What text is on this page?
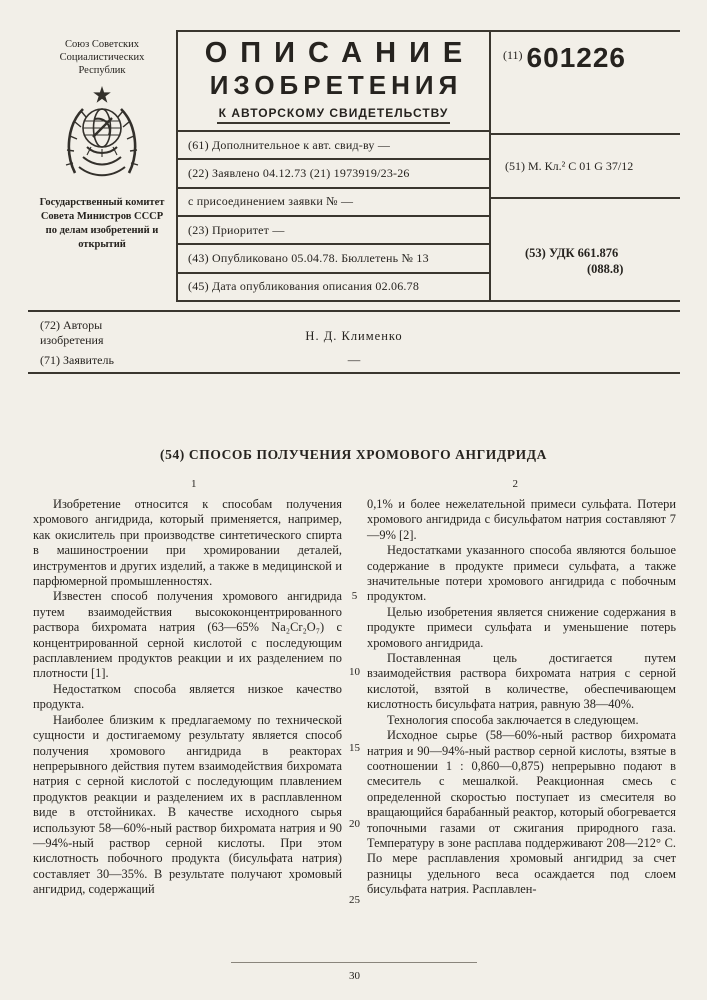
Союз Советских Социалистических Республик
Государственный комитет Совета Министров СССР по делам изобретений и открытий
ОПИСАНИЕ
ИЗОБРЕТЕНИЯ
К АВТОРСКОМУ СВИДЕТЕЛЬСТВУ
(61) Дополнительное к авт. свид-ву —
(22) Заявлено 04.12.73 (21) 1973919/23-26
с присоединением заявки № —
(23) Приоритет —
(43) Опубликовано 05.04.78. Бюллетень № 13
(45) Дата опубликования описания 02.06.78
$^{(11)}$ 601226
(51) М. Кл.² С 01 G 37/12
(53) УДК 661.876
(088.8)
(72) Авторы изобретения	Н. Д. Клименко
(71) Заявитель	—
(54) СПОСОБ ПОЛУЧЕНИЯ ХРОМОВОГО АНГИДРИДА
1	2

Изобретение относится к способам получения хромового ангидрида, который применяется, например, как окислитель при производстве синтетического спирта в машиностроении при хромировании деталей, инструментов и других изделий, а также в медицинской и парфюмерной промышленностях.

Известен способ получения хромового ангидрида путем взаимодействия высококонцентрированного раствора бихромата натрия (63—65% Na₂Cr₂O₇) с концентрированной серной кислотой с последующим расплавлением продуктов реакции и их разделением по плотности [1].

Недостатком способа является низкое качество продукта.

Наиболее близким к предлагаемому по технической сущности и достигаемому результату является способ получения хромового ангидрида в реакторах непрерывного действия путем взаимодействия бихромата натрия с серной кислотой с последующим плавлением продуктов реакции и разделением их в расплавленном виде в отстойниках. В качестве исходного сырья используют 58—60%-ный раствор бихромата натрия и 90—94%-ный раствор серной кислоты. При этом кислотность побочного продукта (бисульфата натрия) составляет 30—35%. В результате получают хромовый ангидрид, содержащий

0,1% и более нежелательной примеси сульфата. Потери хромового ангидрида с бисульфатом натрия составляют 7—9% [2].

Недостатками указанного способа являются большое содержание в продукте примеси сульфата, а также значительные потери хромового ангидрида с побочным продуктом.

Целью изобретения является снижение содержания в продукте примеси сульфата и уменьшение потерь хромового ангидрида.

Поставленная цель достигается путем взаимодействия раствора бихромата натрия с серной кислотой, взятой в количестве, обеспечивающем кислотность бисульфата натрия, равную 38—40%.

Технология способа заключается в следующем.

Исходное сырье (58—60%-ный раствор бихромата натрия и 90—94%-ный раствор серной кислоты, взятые в соотношении 1 : 0,860—0,875) непрерывно подают в смеситель с мешалкой. Реакционная смесь с определенной скоростью поступает из смесителя во вращающийся барабанный реактор, который обогревается топочными газами от сжигания природного газа. Температуру в зоне расплава поддерживают 208—212° С. По мере расплавления хромовый ангидрид за счет разницы удельного веса осаждается под слоем бисульфата натрия. Расплавлен-

5
10
15
20
25
30
